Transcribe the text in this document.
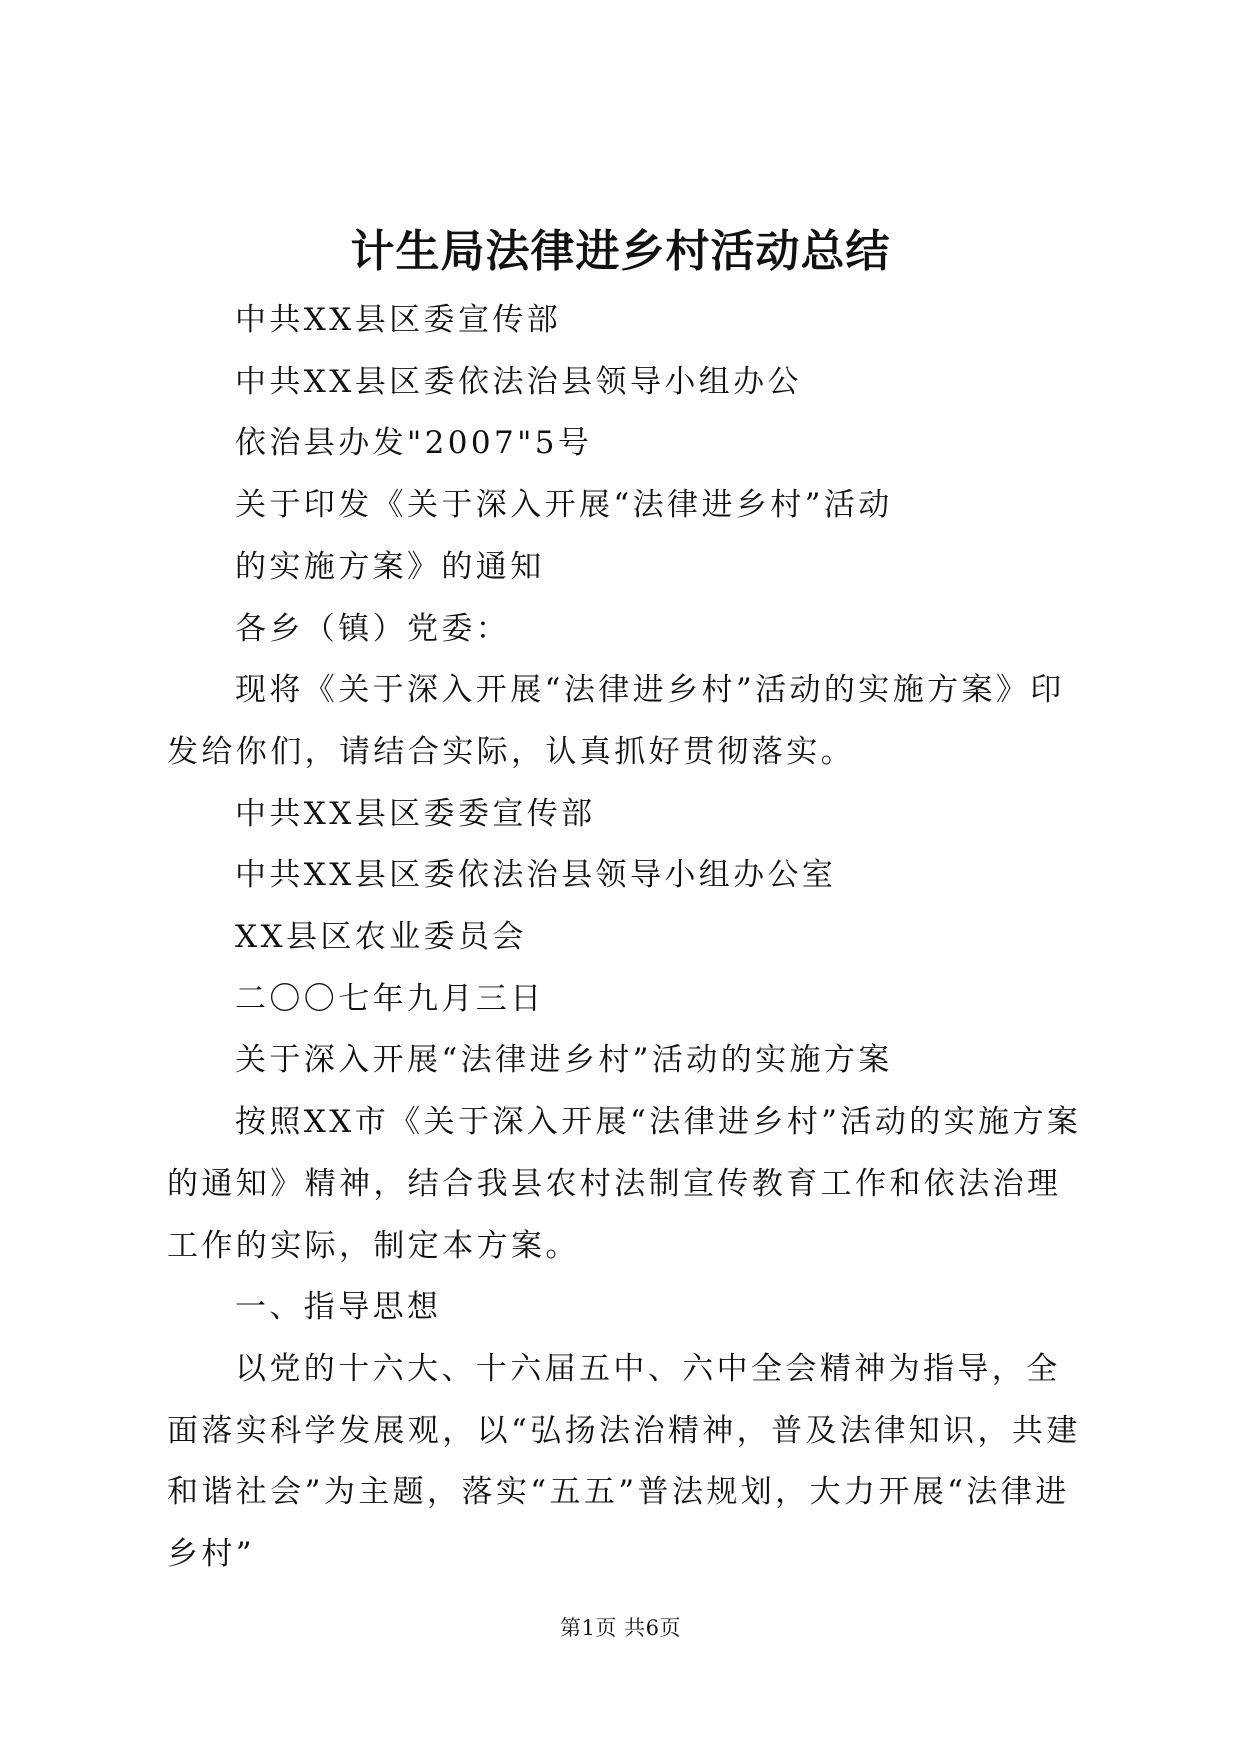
计生局法律进乡村活动总结

中共XX县区委宣传部

中共XX县区委依法治县领导小组办公

依治县办发"2007"5号

关于印发《关于深入开展“法律进乡村”活动

的实施方案》的通知

各乡（镇）党委：

现将《关于深入开展“法律进乡村”活动的实施方案》印发给你们，请结合实际，认真抓好贯彻落实。

中共XX县区委委宣传部

中共XX县区委依法治县领导小组办公室

XX县区农业委员会

二〇〇七年九月三日

关于深入开展“法律进乡村”活动的实施方案

按照XX市《关于深入开展“法律进乡村”活动的实施方案的通知》精神，结合我县农村法制宣传教育工作和依法治理工作的实际，制定本方案。

一、指导思想

以党的十六大、十六届五中、六中全会精神为指导，全面落实科学发展观，以“弘扬法治精神，普及法律知识，共建和谐社会”为主题，落实“五五”普法规划，大力开展“法律进乡村”

第1页 共6页
